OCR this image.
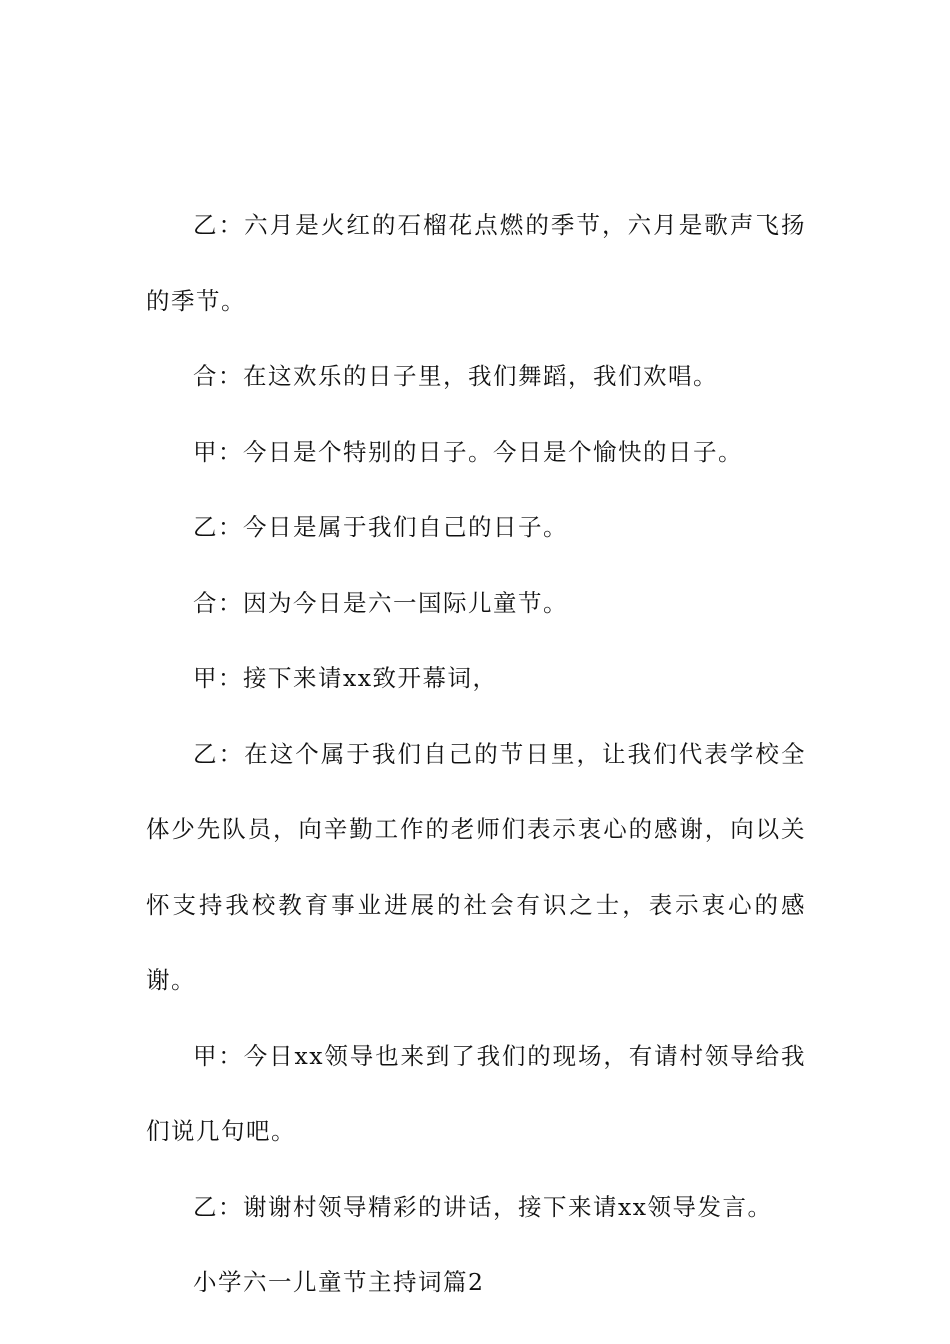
乙：六月是火红的石榴花点燃的季节，六月是歌声飞扬的季节。

合：在这欢乐的日子里，我们舞蹈，我们欢唱。

甲：今日是个特别的日子。今日是个愉快的日子。

乙：今日是属于我们自己的日子。

合：因为今日是六一国际儿童节。

甲：接下来请xx致开幕词，

乙：在这个属于我们自己的节日里，让我们代表学校全体少先队员，向辛勤工作的老师们表示衷心的感谢，向以关怀支持我校教育事业进展的社会有识之士，表示衷心的感谢。

甲：今日xx领导也来到了我们的现场，有请村领导给我们说几句吧。

乙：谢谢村领导精彩的讲话，接下来请xx领导发言。

小学六一儿童节主持词篇2
